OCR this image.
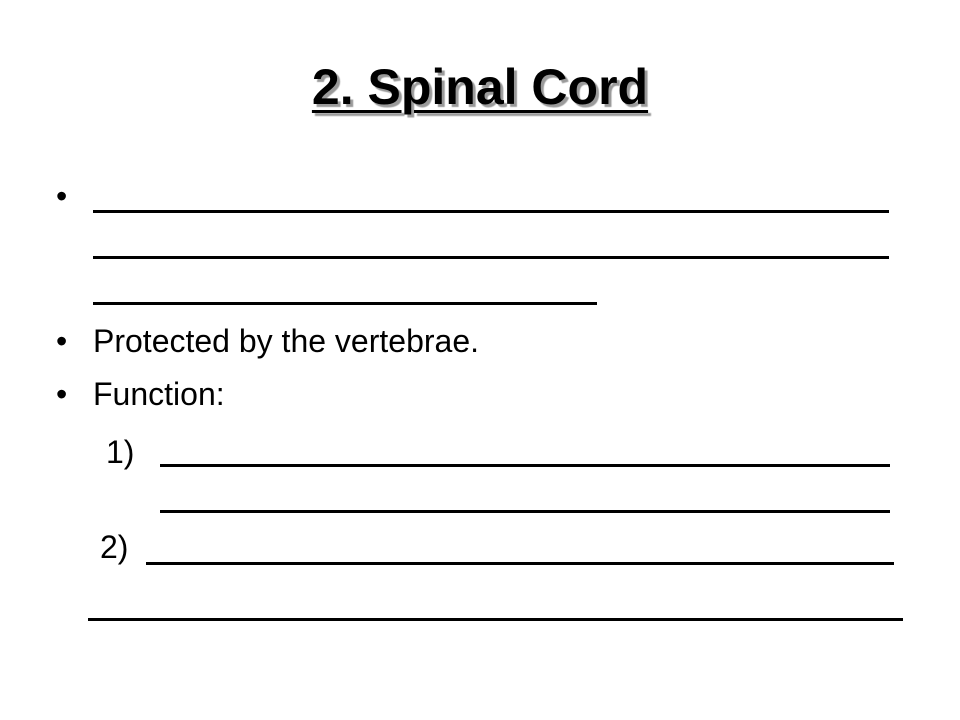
2. Spinal Cord
•
• Protected by the vertebrae.
• Function:
1)
2)
